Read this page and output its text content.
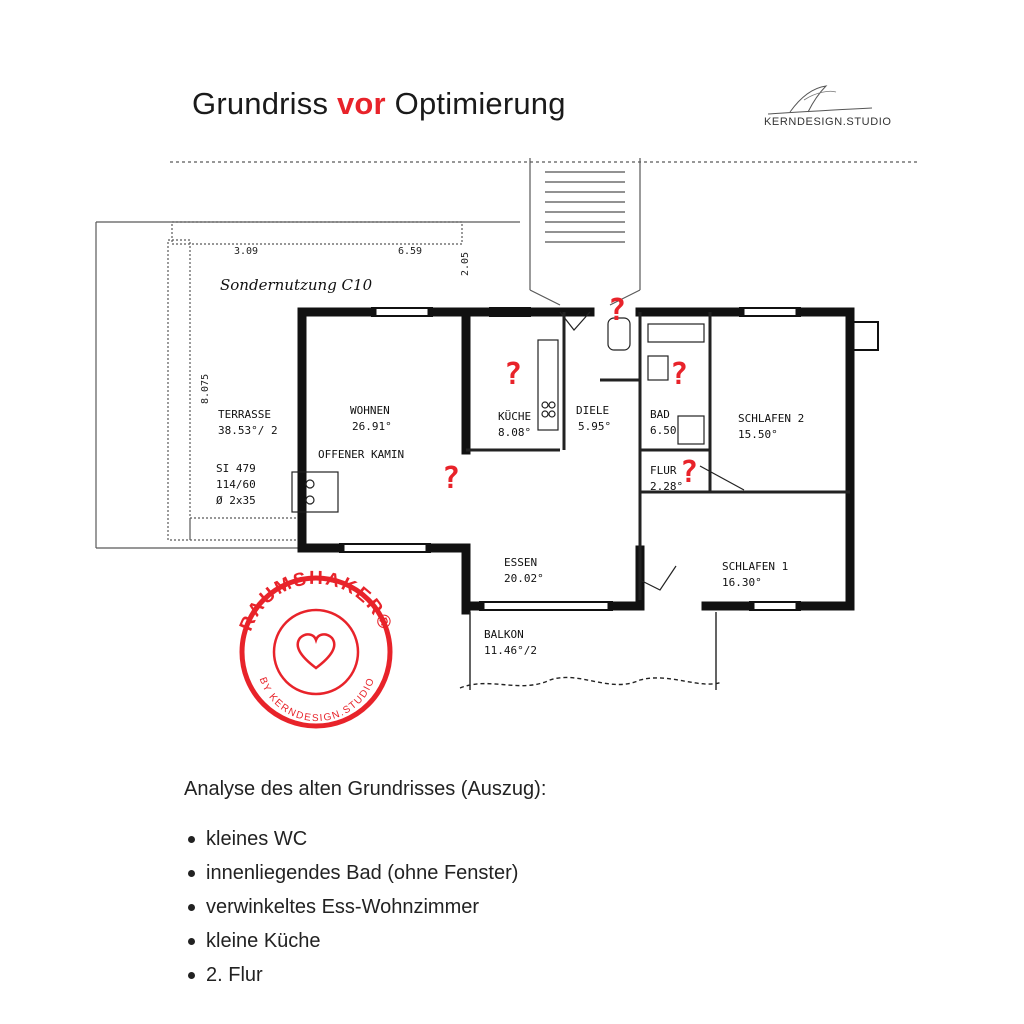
Grundriss vor Optimierung
KERNDESIGN.STUDIO
3.09	6.59
2.05
8.075
Sondernutzung C10
TERRASSE
38.53°/ 2
SI 479
114/60
Ø 2x35
WOHNEN
26.91°
OFFENER KAMIN
KÜCHE
8.08°
DIELE
5.95°
BAD
6.50
FLUR
2.28°
SCHLAFEN 2
15.50°
SCHLAFEN 1
16.30°
ESSEN
20.02°
BALKON
11.46°/2
?
?	?
?	?
RAUMSHAKER®
BY KERNDESIGN.STUDIO
Analyse des alten Grundrisses (Auszug):
kleines WC
innenliegendes Bad (ohne Fenster)
verwinkeltes Ess-Wohnzimmer
kleine Küche
2. Flur
